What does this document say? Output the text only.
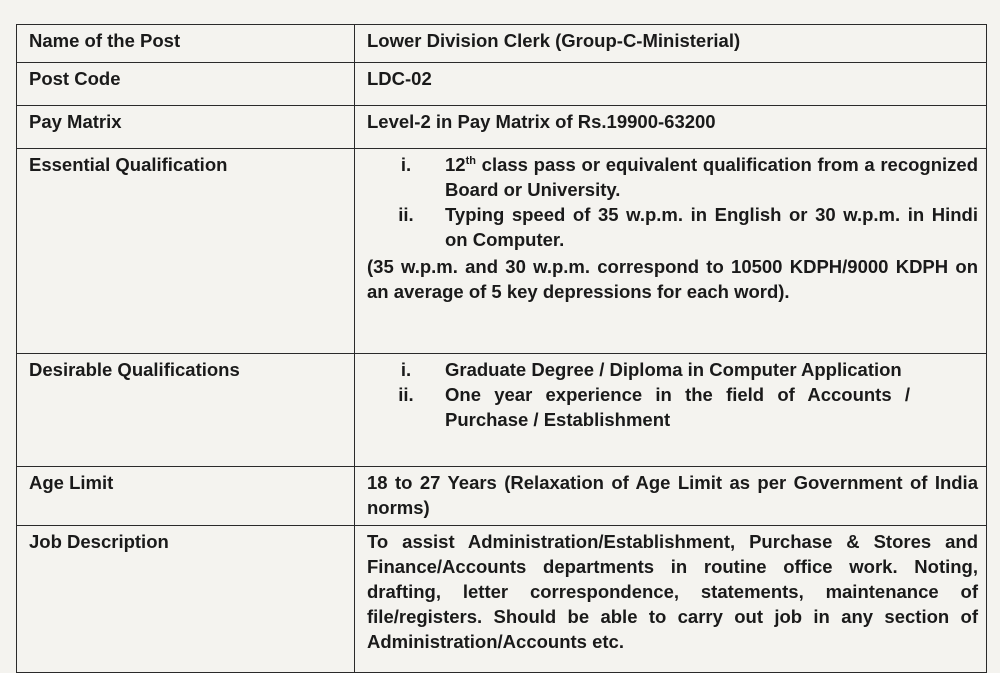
Name of the Post	Lower Division Clerk (Group-C-Ministerial)
Post Code	LDC-02
Pay Matrix	Level-2 in Pay Matrix of Rs.19900-63200
Essential Qualification	i. 12th class pass or equivalent qualification from a recognized Board or University.
ii. Typing speed of 35 w.p.m. in English or 30 w.p.m. in Hindi on Computer.
(35 w.p.m. and 30 w.p.m. correspond to 10500 KDPH/9000 KDPH on an average of 5 key depressions for each word).

Desirable Qualifications	i. Graduate Degree / Diploma in Computer Application
ii. One year experience in the field of Accounts / Purchase / Establishment

Age Limit	18 to 27 Years (Relaxation of Age Limit as per Government of India norms)
Job Description	To assist Administration/Establishment, Purchase & Stores and Finance/Accounts departments in routine office work. Noting, drafting, letter correspondence, statements, maintenance of file/registers. Should be able to carry out job in any section of Administration/Accounts etc.
